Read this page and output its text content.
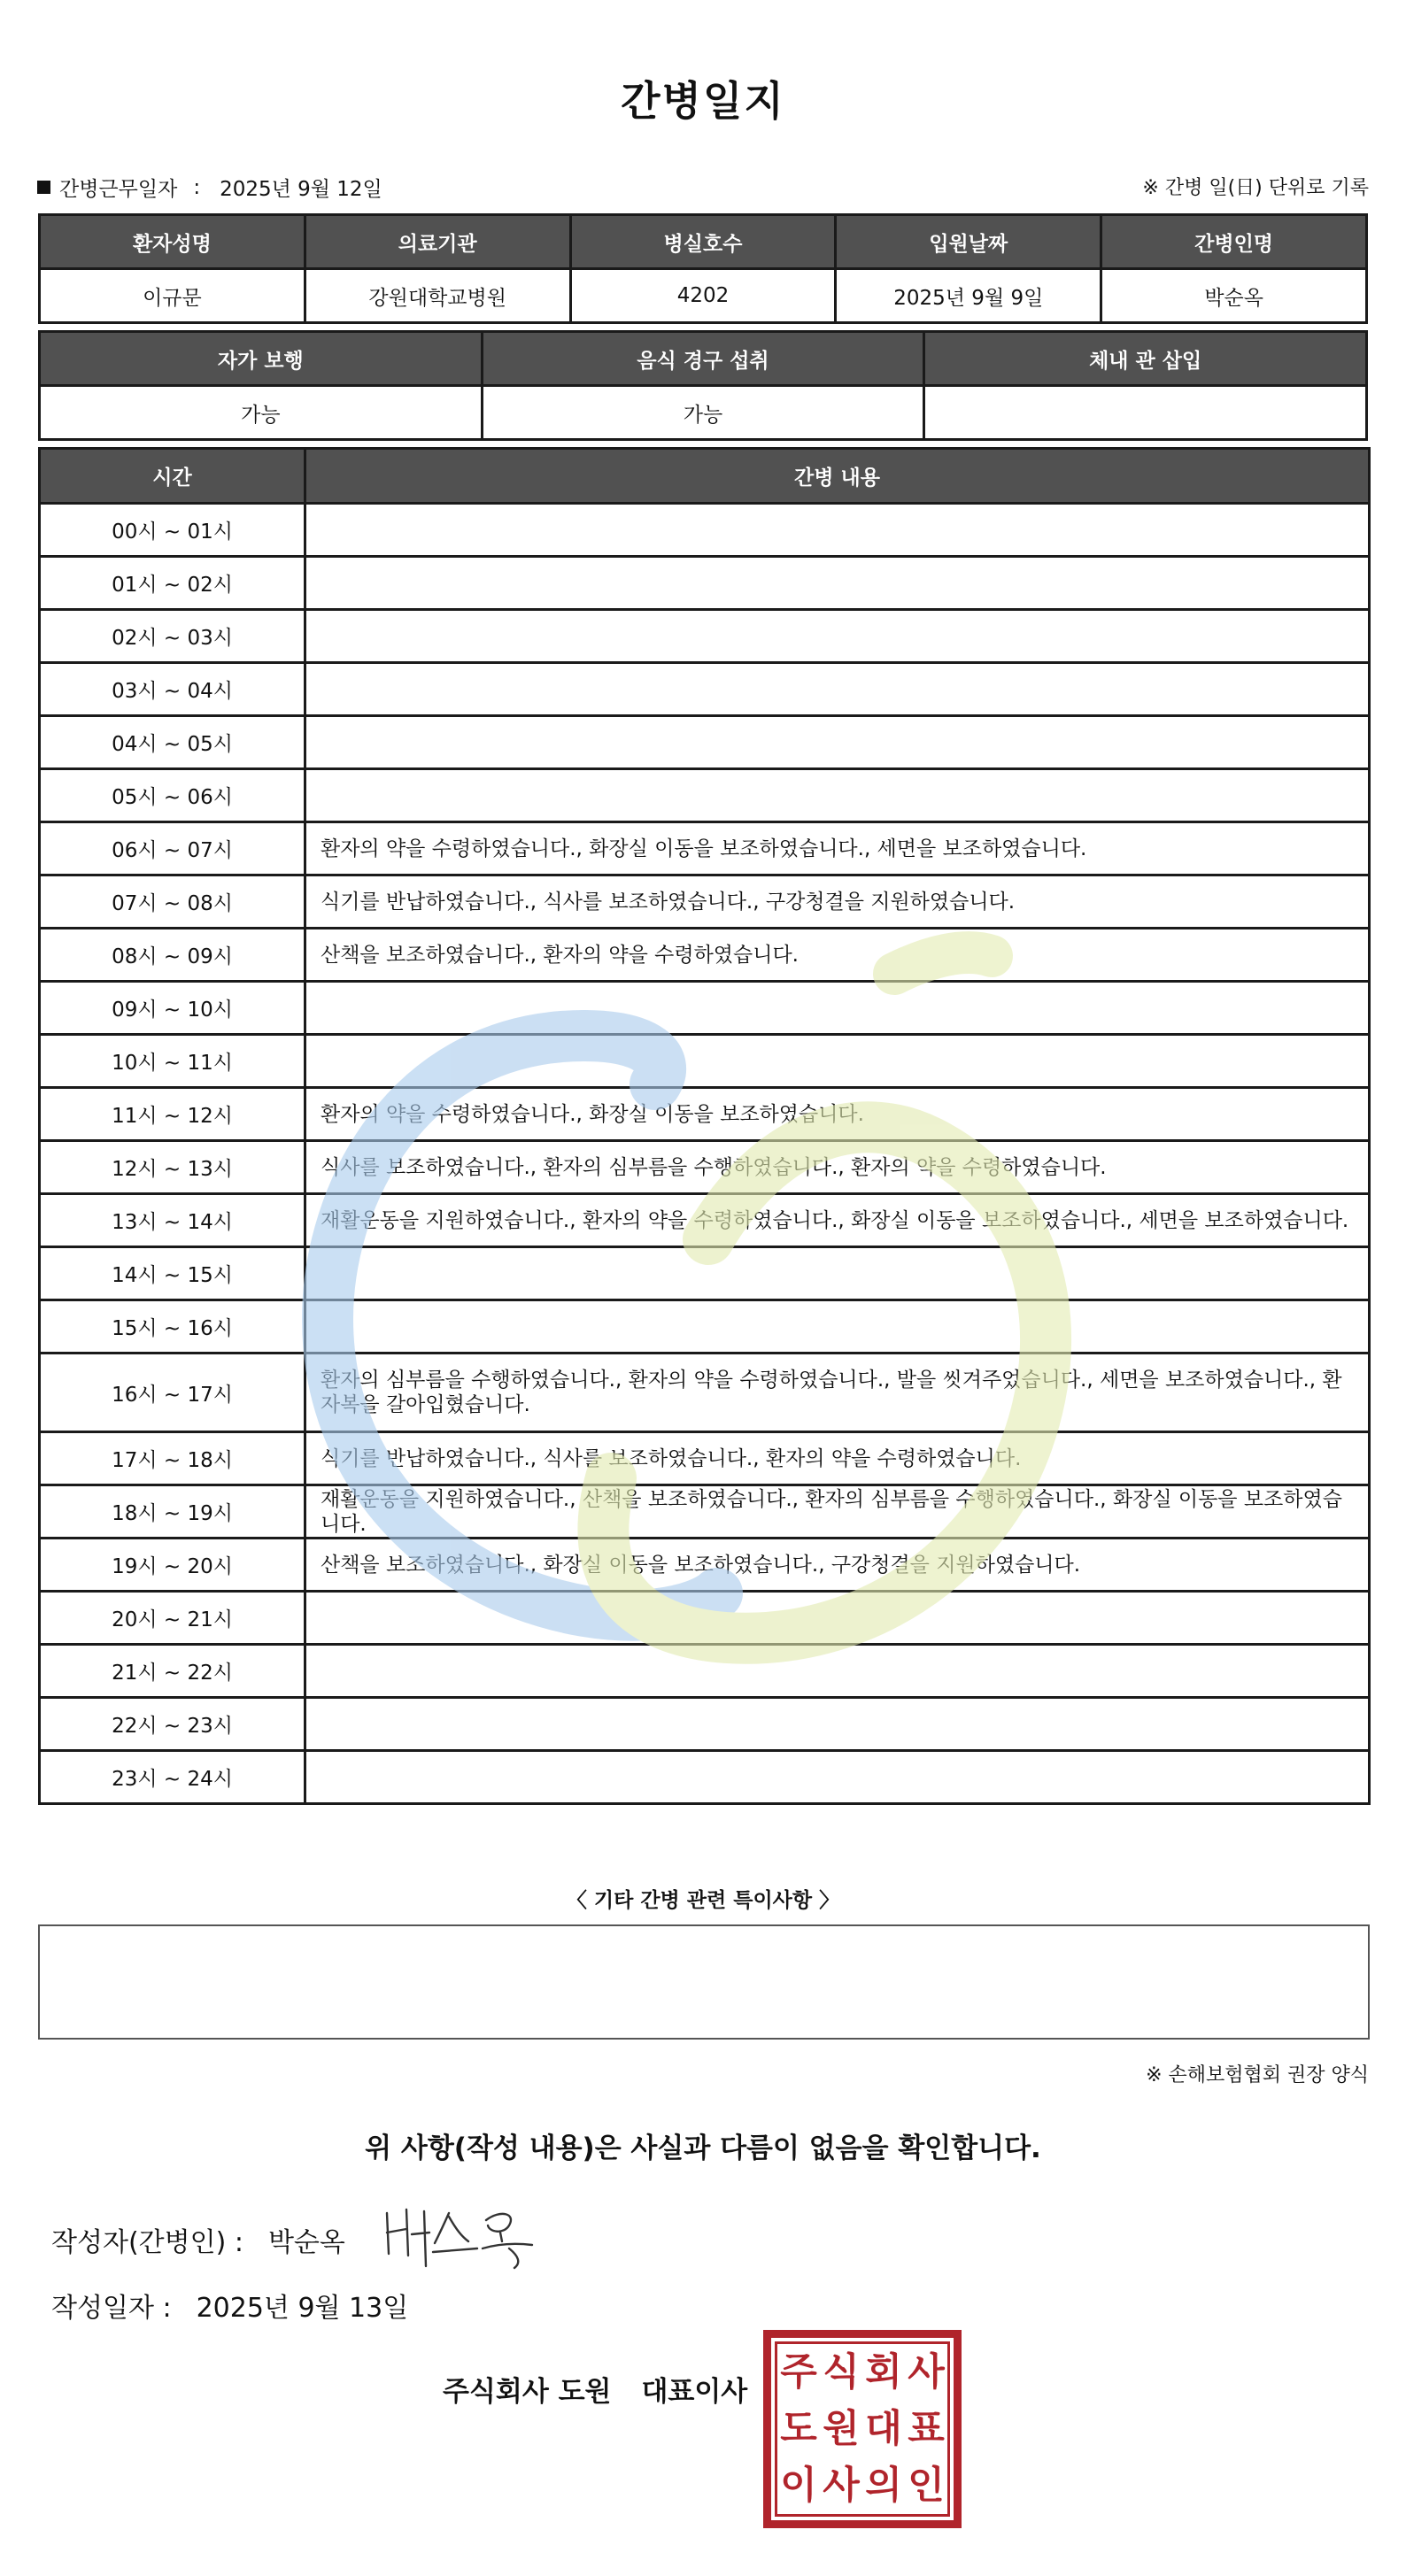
간병일지
간병근무일자 : 2025년 9월 12일	※ 간병 일(日) 단위로 기록
환자성명	의료기관	병실호수	입원날짜	간병인명
이규문	강원대학교병원	4202	2025년 9월 9일	박순옥
자가 보행	음식 경구 섭취	체내 관 삽입
가능	가능	
시간	간병 내용
00시 ~ 01시	
01시 ~ 02시	
02시 ~ 03시	
03시 ~ 04시	
04시 ~ 05시	
05시 ~ 06시	
06시 ~ 07시	환자의 약을 수령하였습니다., 화장실 이동을 보조하였습니다., 세면을 보조하였습니다.
07시 ~ 08시	식기를 반납하였습니다., 식사를 보조하였습니다., 구강청결을 지원하였습니다.
08시 ~ 09시	산책을 보조하였습니다., 환자의 약을 수령하였습니다.
09시 ~ 10시	
10시 ~ 11시	
11시 ~ 12시	환자의 약을 수령하였습니다., 화장실 이동을 보조하였습니다.
12시 ~ 13시	식사를 보조하였습니다., 환자의 심부름을 수행하였습니다., 환자의 약을 수령하였습니다.
13시 ~ 14시	재활운동을 지원하였습니다., 환자의 약을 수령하였습니다., 화장실 이동을 보조하였습니다., 세면을 보조하였습니다.
14시 ~ 15시	
15시 ~ 16시	
16시 ~ 17시	환자의 심부름을 수행하였습니다., 환자의 약을 수령하였습니다., 발을 씻겨주었습니다., 세면을 보조하였습니다., 환자복을 갈아입혔습니다.
17시 ~ 18시	식기를 반납하였습니다., 식사를 보조하였습니다., 환자의 약을 수령하였습니다.
18시 ~ 19시	재활운동을 지원하였습니다., 산책을 보조하였습니다., 환자의 심부름을 수행하였습니다., 화장실 이동을 보조하였습니다.
19시 ~ 20시	산책을 보조하였습니다., 화장실 이동을 보조하였습니다., 구강청결을 지원하였습니다.
20시 ~ 21시	
21시 ~ 22시	
22시 ~ 23시	
23시 ~ 24시	
〈 기타 간병 관련 특이사항 〉
※ 손해보험협회 권장 양식
위 사항(작성 내용)은 사실과 다름이 없음을 확인합니다.
작성자(간병인) : 박순옥
작성일자 : 2025년 9월 13일
주식회사 도원 대표이사 주 식 회 사
도 원 대 표
이 사 의 인
